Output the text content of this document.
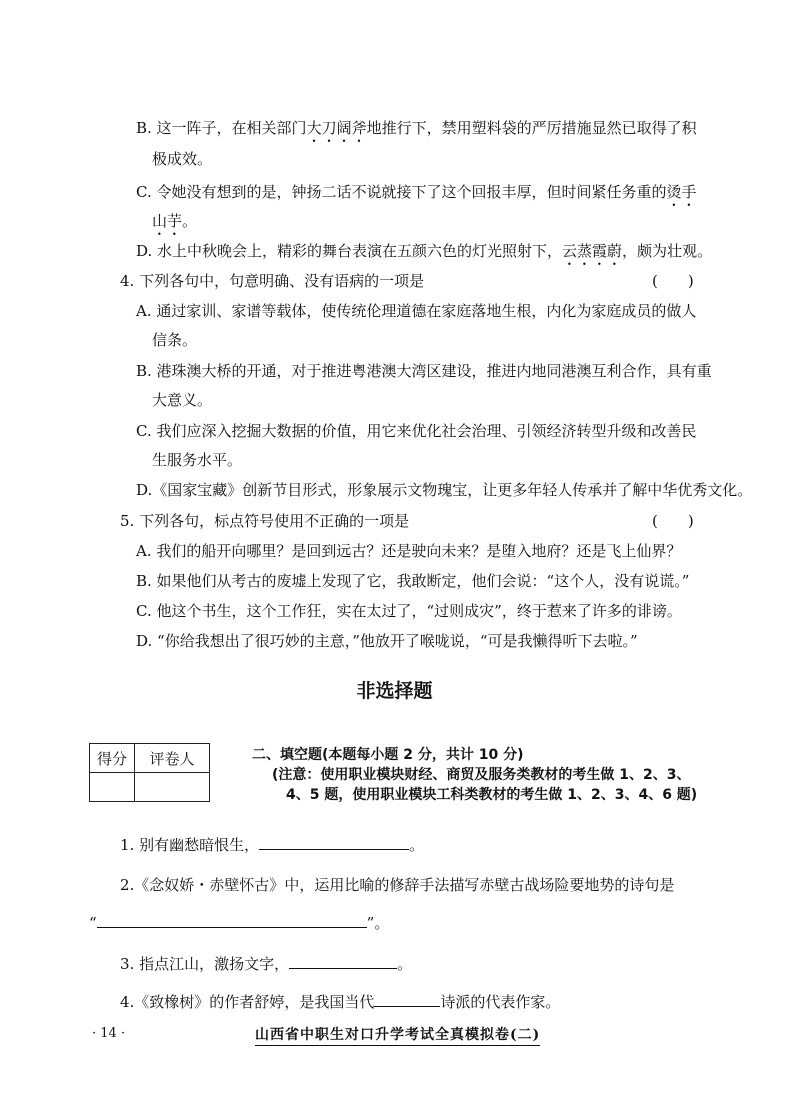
B. 这一阵子，在相关部门大刀阔斧地推行下，禁用塑料袋的严厉措施显然已取得了积
极成效。
C. 令她没有想到的是，钟扬二话不说就接下了这个回报丰厚，但时间紧任务重的烫手
山芋。
D. 水上中秋晚会上，精彩的舞台表演在五颜六色的灯光照射下，云蒸霞蔚，颇为壮观。
4. 下列各句中，句意明确、没有语病的一项是	(　　)
A. 通过家训、家谱等载体，使传统伦理道德在家庭落地生根，内化为家庭成员的做人
信条。
B. 港珠澳大桥的开通，对于推进粤港澳大湾区建设，推进内地同港澳互利合作，具有重
大意义。
C. 我们应深入挖掘大数据的价值，用它来优化社会治理、引领经济转型升级和改善民
生服务水平。
D.《国家宝藏》创新节目形式，形象展示文物瑰宝，让更多年轻人传承并了解中华优秀文化。
5. 下列各句，标点符号使用不正确的一项是	(　　)
A. 我们的船开向哪里？是回到远古？还是驶向未来？是堕入地府？还是飞上仙界？
B. 如果他们从考古的废墟上发现了它，我敢断定，他们会说：“这个人，没有说谎。”
C. 他这个书生，这个工作狂，实在太过了，“过则成灾”，终于惹来了许多的诽谤。
D. “你给我想出了很巧妙的主意，”他放开了喉咙说，“可是我懒得听下去啦。”
非选择题
得分	评卷人
		二、填空题(本题每小题 2 分，共计 10 分)
(注意：使用职业模块财经、商贸及服务类教材的考生做 1、2、3、
4、5 题，使用职业模块工科类教材的考生做 1、2、3、4、6 题)
1. 别有幽愁暗恨生，	。
2.《念奴娇・赤壁怀古》中，运用比喻的修辞手法描写赤壁古战场险要地势的诗句是
“	”。
3. 指点江山，激扬文字，	。
4.《致橡树》的作者舒婷，是我国当代	诗派的代表作家。
· 14 ·	山西省中职生对口升学考试全真模拟卷(二)
